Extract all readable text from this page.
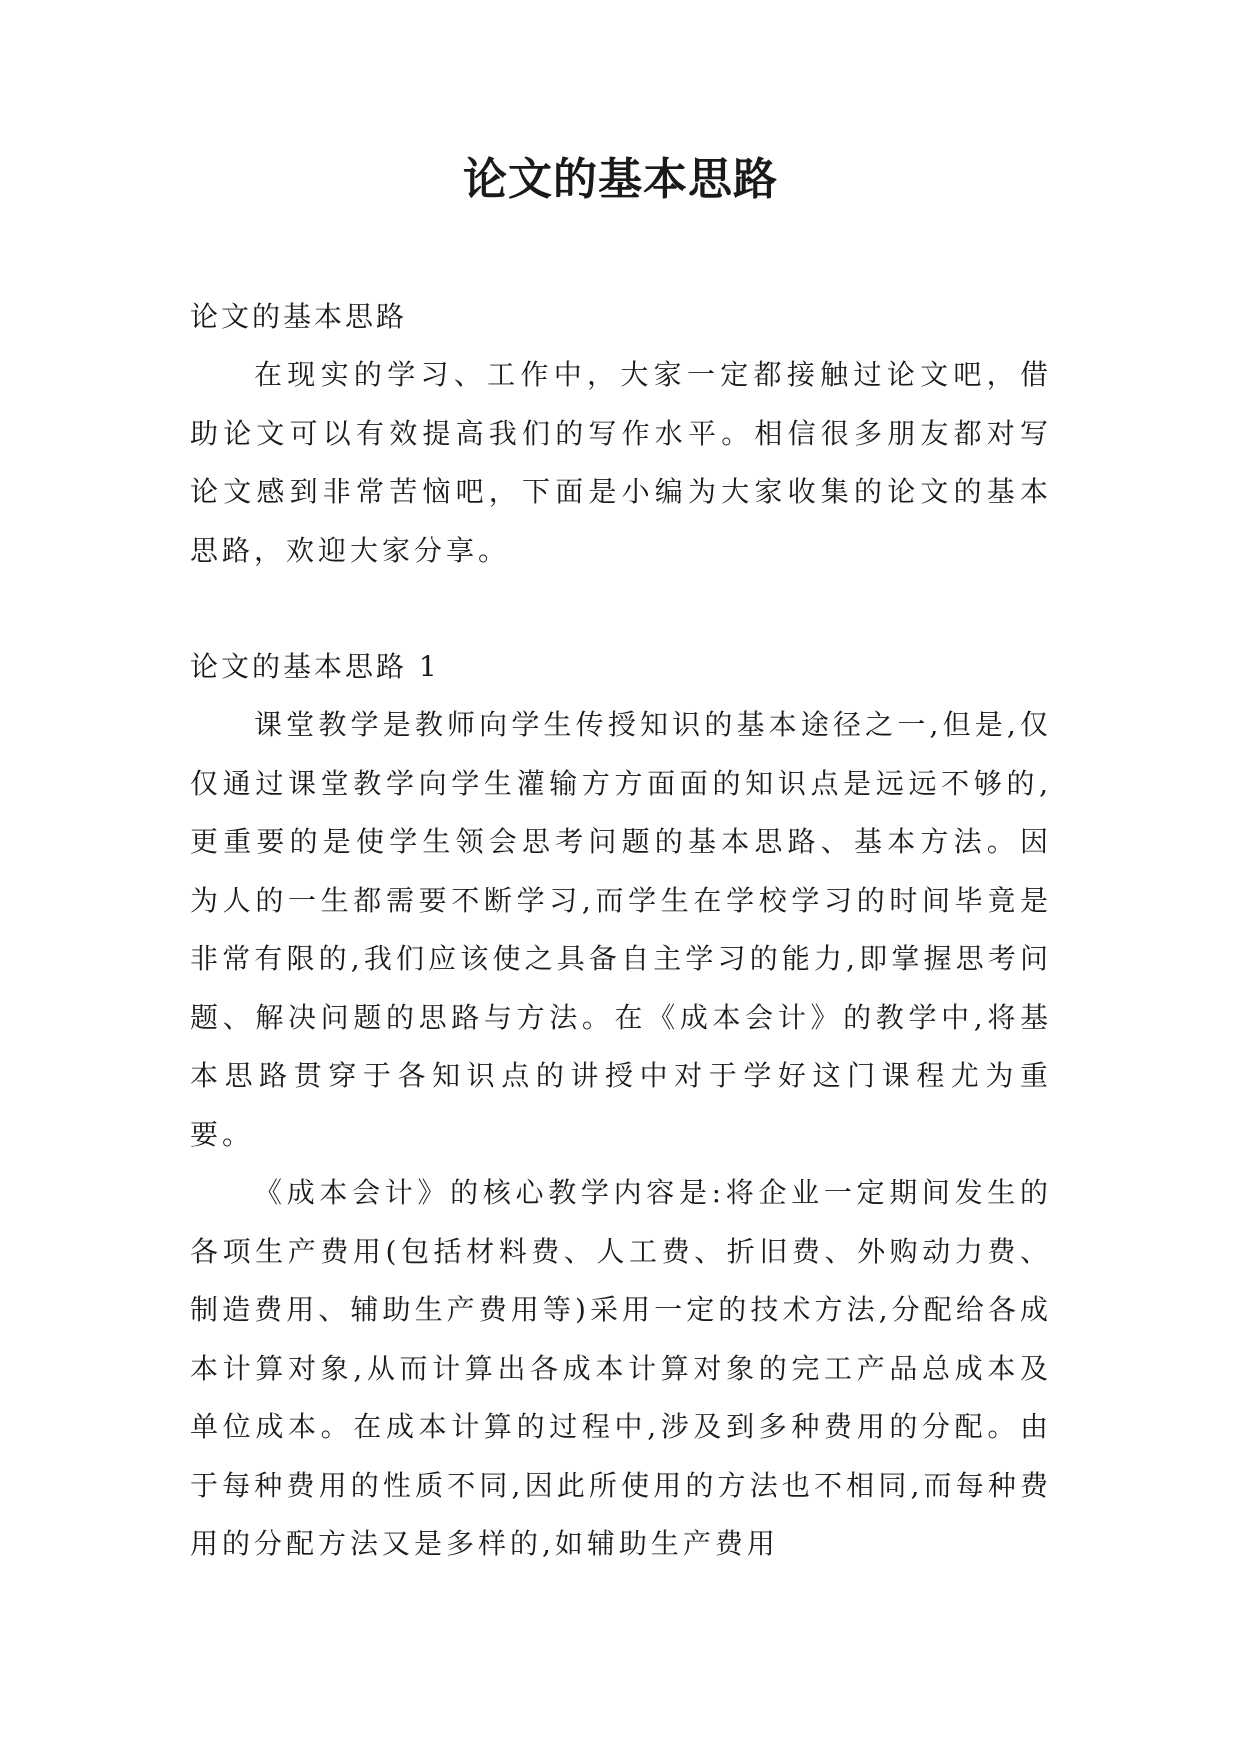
论文的基本思路

论文的基本思路

在现实的学习、工作中，大家一定都接触过论文吧，借助论文可以有效提高我们的写作水平。相信很多朋友都对写论文感到非常苦恼吧，下面是小编为大家收集的论文的基本思路，欢迎大家分享。

论文的基本思路 1

课堂教学是教师向学生传授知识的基本途径之一,但是,仅仅通过课堂教学向学生灌输方方面面的知识点是远远不够的,更重要的是使学生领会思考问题的基本思路、基本方法。因为人的一生都需要不断学习,而学生在学校学习的时间毕竟是非常有限的,我们应该使之具备自主学习的能力,即掌握思考问题、解决问题的思路与方法。在《成本会计》的教学中,将基本思路贯穿于各知识点的讲授中对于学好这门课程尤为重要。

《成本会计》的核心教学内容是:将企业一定期间发生的各项生产费用(包括材料费、人工费、折旧费、外购动力费、制造费用、辅助生产费用等)采用一定的技术方法,分配给各成本计算对象,从而计算出各成本计算对象的完工产品总成本及单位成本。在成本计算的过程中,涉及到多种费用的分配。由于每种费用的性质不同,因此所使用的方法也不相同,而每种费用的分配方法又是多样的,如辅助生产费用
